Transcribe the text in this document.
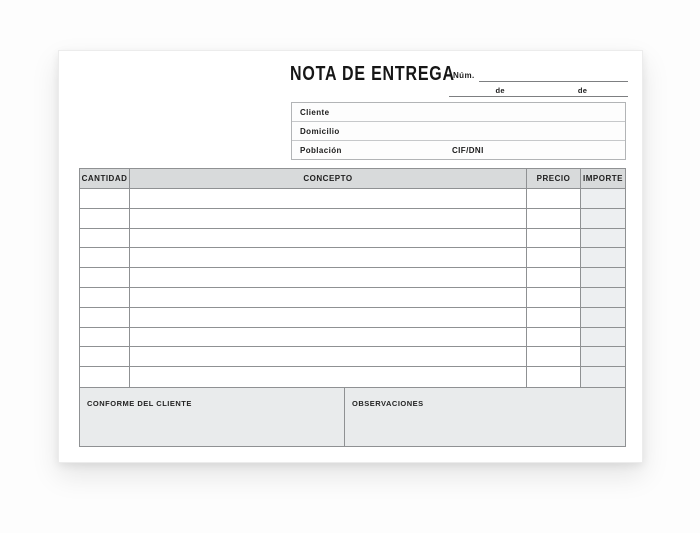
NOTA DE ENTREGA
Núm.
de	de
Cliente
Domicilio
Población	CIF/DNI
CANTIDAD	CONCEPTO	PRECIO	IMPORTE
CONFORME DEL CLIENTE	OBSERVACIONES
